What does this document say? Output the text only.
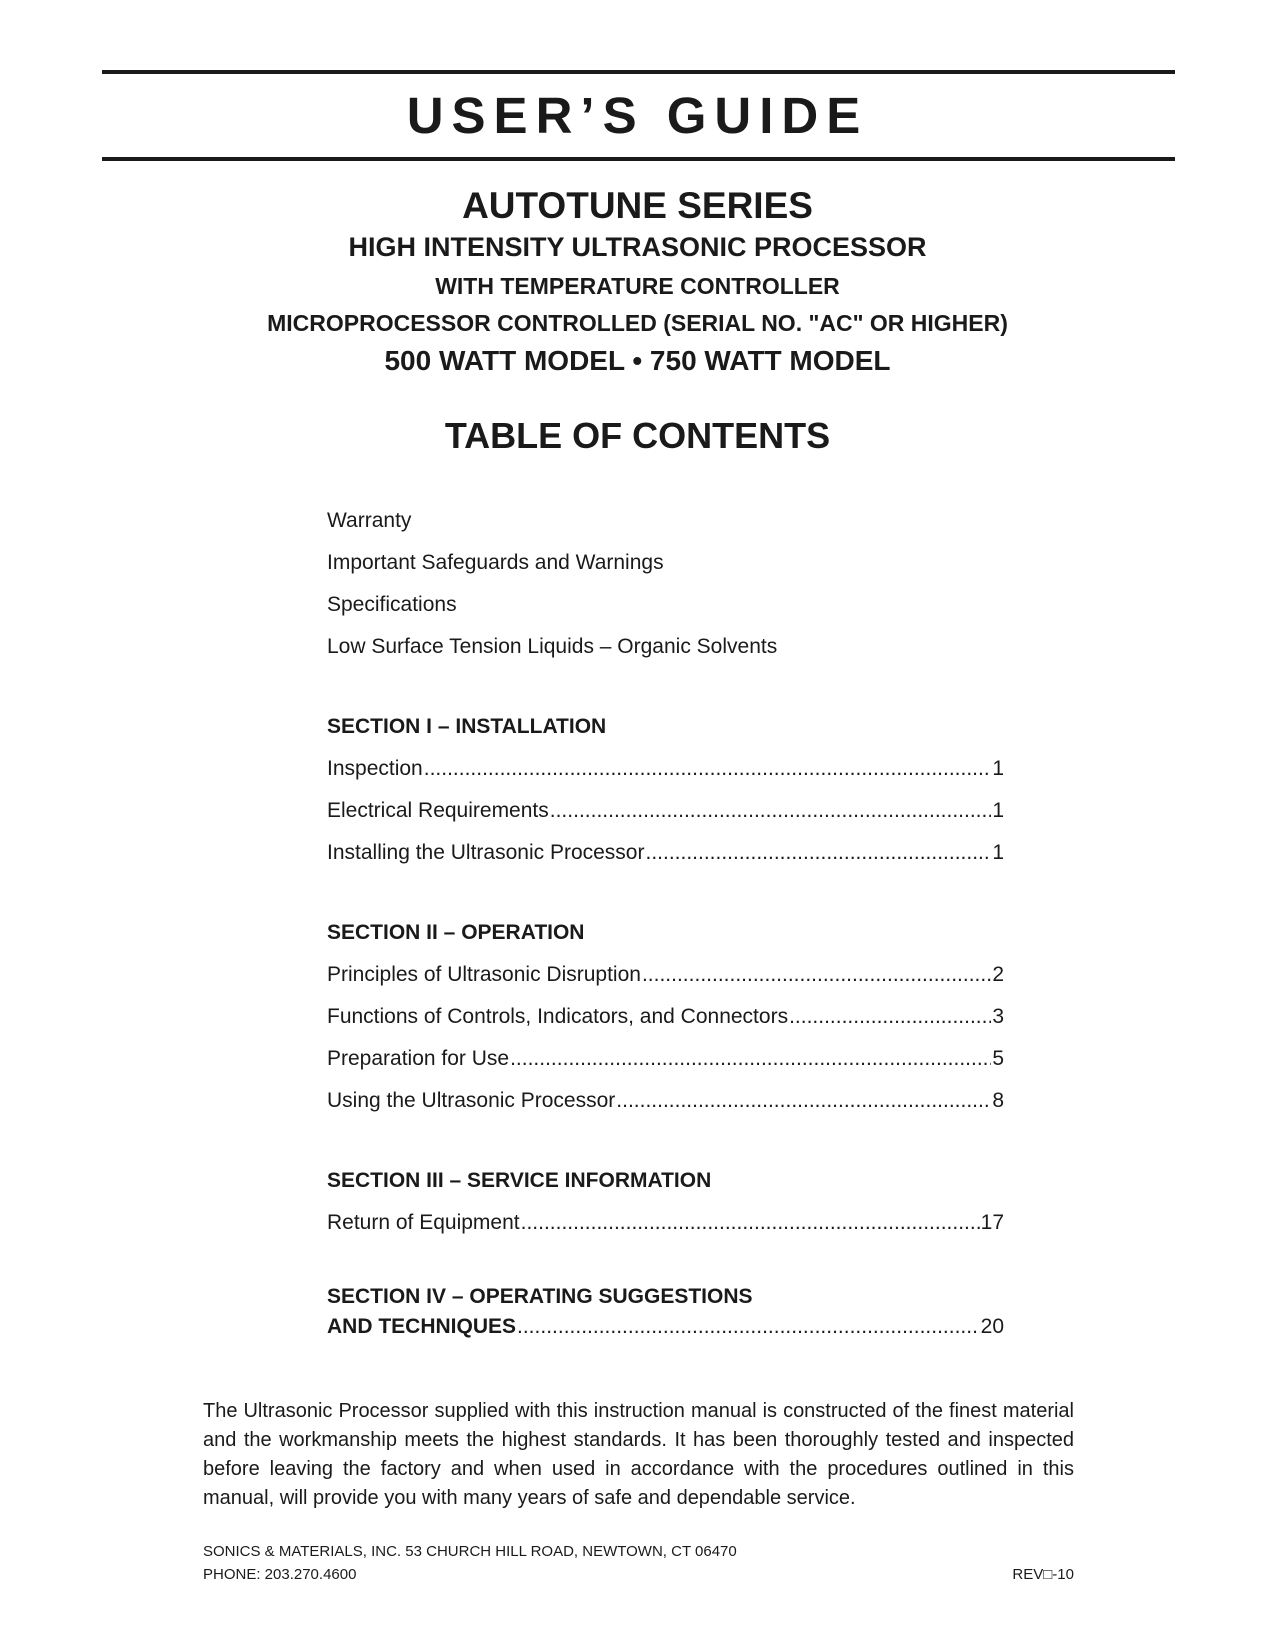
USER’S GUIDE
AUTOTUNE SERIES
HIGH INTENSITY ULTRASONIC PROCESSOR
WITH TEMPERATURE CONTROLLER
MICROPROCESSOR CONTROLLED (SERIAL NO. "AC" OR HIGHER)
500 WATT MODEL • 750 WATT MODEL
TABLE OF CONTENTS
Warranty
Important Safeguards and Warnings
Specifications
Low Surface Tension Liquids – Organic Solvents
SECTION I – INSTALLATION
Inspection .....	1
Electrical Requirements .....	1
Installing the Ultrasonic Processor .....	1
SECTION II – OPERATION
Principles of Ultrasonic Disruption .....	2
Functions of Controls, Indicators, and Connectors .....	3
Preparation for Use .....	5
Using the Ultrasonic Processor .....	8
SECTION III – SERVICE INFORMATION
Return of Equipment .....	17
SECTION IV – OPERATING SUGGESTIONS
AND TECHNIQUES .....	20

The Ultrasonic Processor supplied with this instruction manual is constructed of the finest material and the workmanship meets the highest standards. It has been thoroughly tested and inspected before leaving the factory and when used in accordance with the procedures outlined in this manual, will provide you with many years of safe and dependable service.

SONICS & MATERIALS, INC. 53 CHURCH HILL ROAD, NEWTOWN, CT 06470
PHONE: 203.270.4600	REV□-10
